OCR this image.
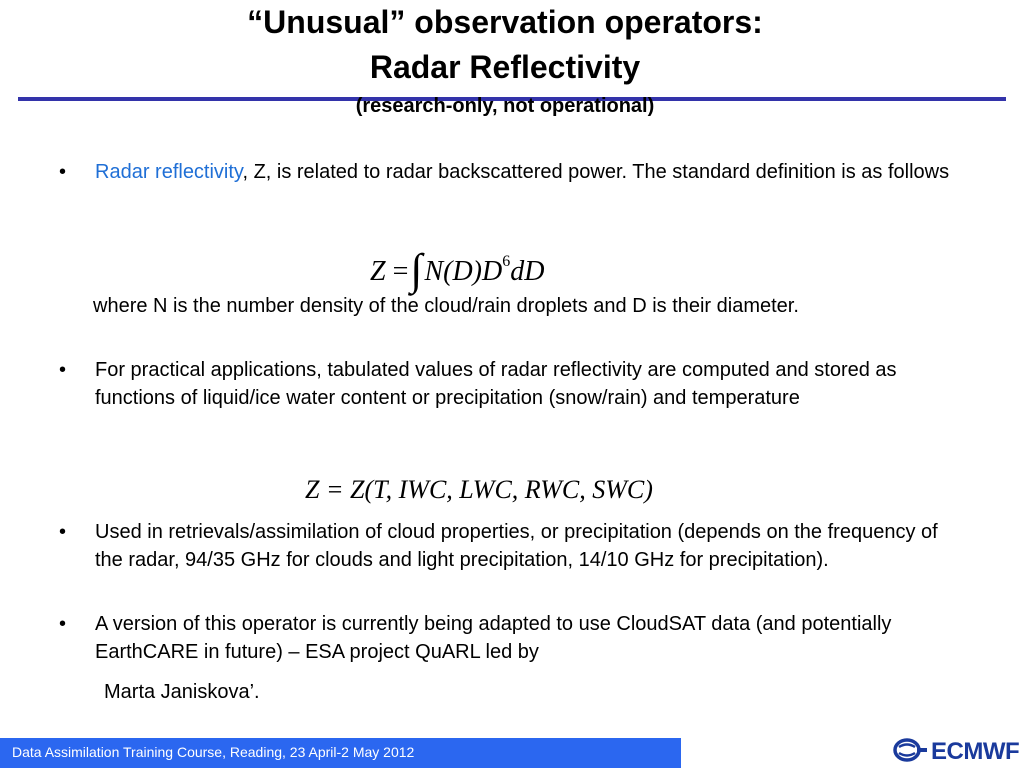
“Unusual” observation operators:
Radar Reflectivity
(research-only, not operational)
• Radar reflectivity, Z, is related to radar backscattered power. The standard definition is as follows
$Z =\int N(D)D^6dD$
where N is the number density of the cloud/rain droplets and D is their diameter.
• For practical applications, tabulated values of radar reflectivity are computed and stored as functions of liquid/ice water content or precipitation (snow/rain) and temperature
Z = Z(T, IWC, LWC, RWC, SWC)
• Used in retrievals/assimilation of cloud properties, or precipitation (depends on the frequency of the radar, 94/35 GHz for clouds and light precipitation, 14/10 GHz for precipitation).
• A version of this operator is currently being adapted to use CloudSAT data (and potentially EarthCARE in future) – ESA project QuARL led by
Marta Janiskova’.
Data Assimilation Training Course, Reading, 23 April-2 May 2012	ECMWF
